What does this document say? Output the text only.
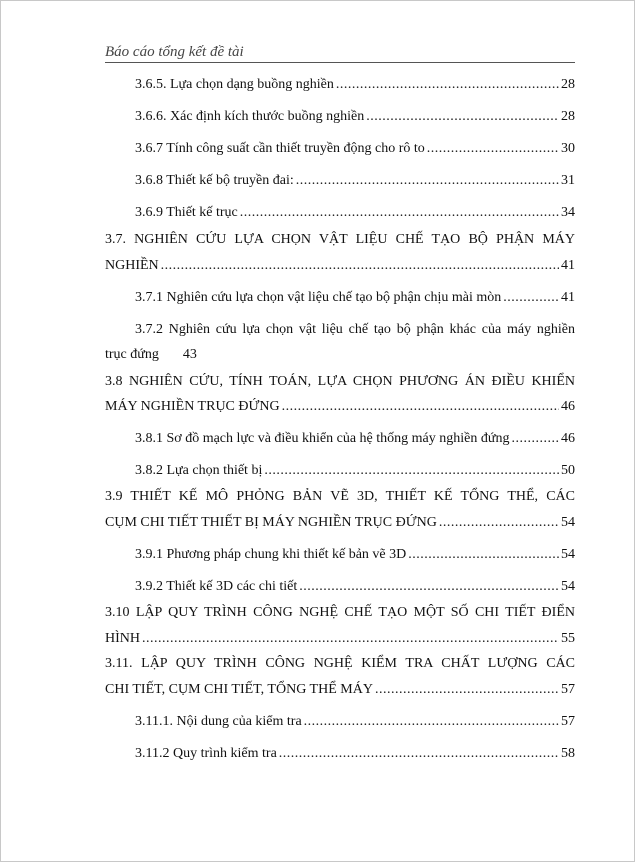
Báo cáo tổng kết đề tài
3.6.5. Lựa chọn dạng buồng nghiền .....	28
3.6.6. Xác định kích thước buồng nghiền .....	28
3.6.7 Tính công suất cần thiết truyền động cho rô to .....	30
3.6.8 Thiết kế bộ truyền đai: .....	31
3.6.9 Thiết kế trục .....	34
3.7. NGHIÊN CỨU LỰA CHỌN VẬT LIỆU CHẾ TẠO BỘ PHẬN MÁY
NGHIỀN .....	41
3.7.1 Nghiên cứu lựa chọn vật liệu chế tạo bộ phận chịu mài mòn .....	41
3.7.2 Nghiên cứu lựa chọn vật liệu chế tạo bộ phận khác của máy nghiền
trục đứng 43
3.8 NGHIÊN CỨU, TÍNH TOÁN, LỰA CHỌN PHƯƠNG ÁN ĐIỀU KHIỂN
MÁY NGHIỀN TRỤC ĐỨNG .....	46
3.8.1 Sơ đồ mạch lực và điều khiển của hệ thống máy nghiền đứng .....	46
3.8.2 Lựa chọn thiết bị .....	50
3.9 THIẾT KẾ MÔ PHỎNG BẢN VẼ 3D, THIẾT KẾ TỔNG THỂ, CÁC
CỤM CHI TIẾT THIẾT BỊ MÁY NGHIỀN TRỤC ĐỨNG .....	54
3.9.1 Phương pháp chung khi thiết kế bản vẽ 3D .....	54
3.9.2 Thiết kế 3D các chi tiết .....	54
3.10 LẬP QUY TRÌNH CÔNG NGHỆ CHẾ TẠO MỘT SỐ CHI TIẾT ĐIỂN
HÌNH .....	55
3.11. LẬP QUY TRÌNH CÔNG NGHỆ KIỂM TRA CHẤT LƯỢNG CÁC
CHI TIẾT, CỤM CHI TIẾT, TỔNG THỂ MÁY .....	57
3.11.1. Nội dung của kiểm tra .....	57
3.11.2 Quy trình kiểm tra .....	58
